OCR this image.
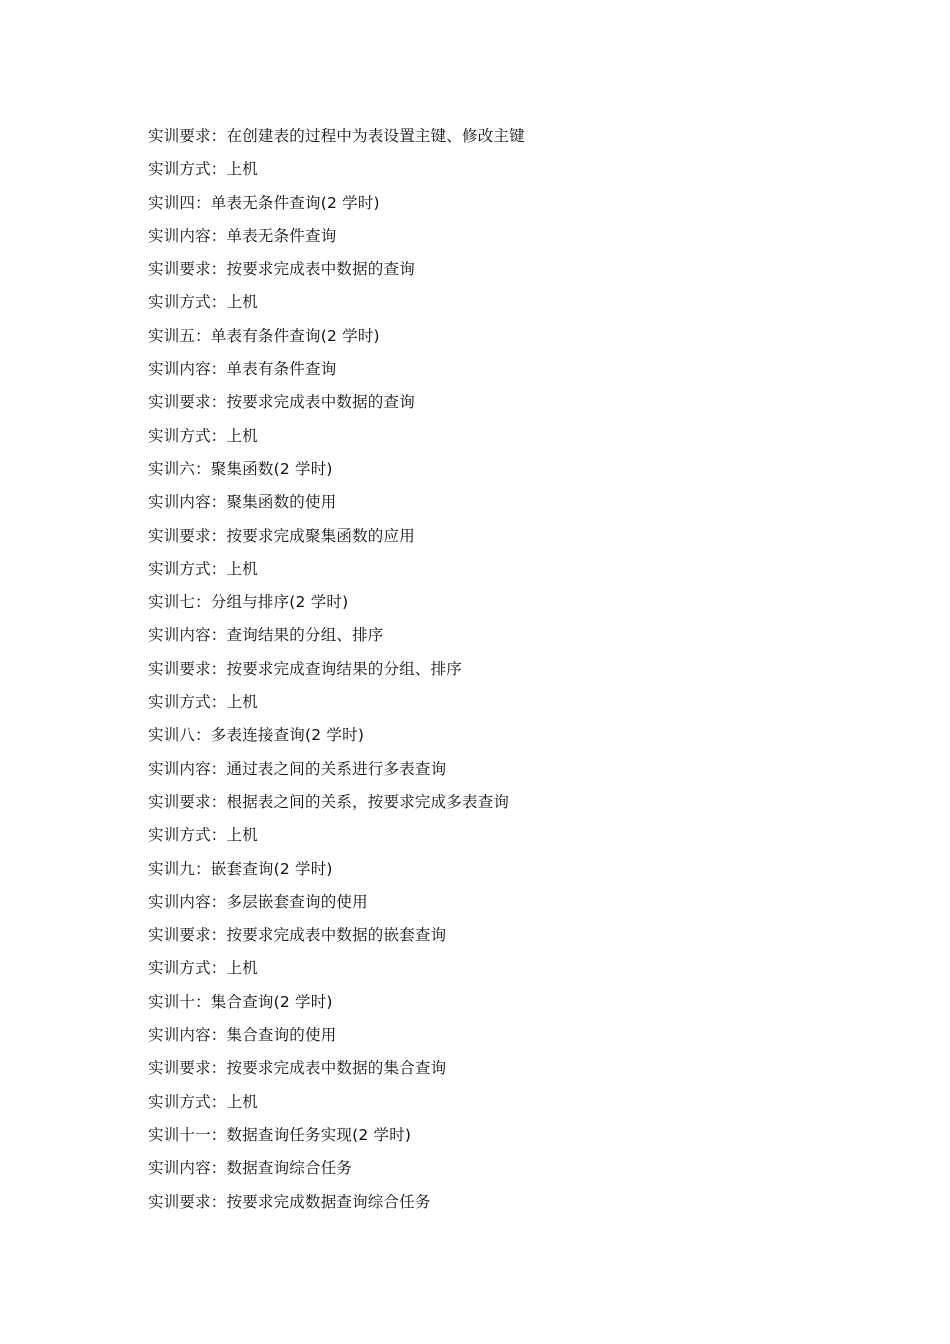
实训要求：在创建表的过程中为表设置主键、修改主键
实训方式：上机
实训四：单表无条件查询(2 学时)
实训内容：单表无条件查询
实训要求：按要求完成表中数据的查询
实训方式：上机
实训五：单表有条件查询(2 学时)
实训内容：单表有条件查询
实训要求：按要求完成表中数据的查询
实训方式：上机
实训六：聚集函数(2 学时)
实训内容：聚集函数的使用
实训要求：按要求完成聚集函数的应用
实训方式：上机
实训七：分组与排序(2 学时)
实训内容：查询结果的分组、排序
实训要求：按要求完成查询结果的分组、排序
实训方式：上机
实训八：多表连接查询(2 学时)
实训内容：通过表之间的关系进行多表查询
实训要求：根据表之间的关系，按要求完成多表查询
实训方式：上机
实训九：嵌套查询(2 学时)
实训内容：多层嵌套查询的使用
实训要求：按要求完成表中数据的嵌套查询
实训方式：上机
实训十：集合查询(2 学时)
实训内容：集合查询的使用
实训要求：按要求完成表中数据的集合查询
实训方式：上机
实训十一：数据查询任务实现(2 学时)
实训内容：数据查询综合任务
实训要求：按要求完成数据查询综合任务
